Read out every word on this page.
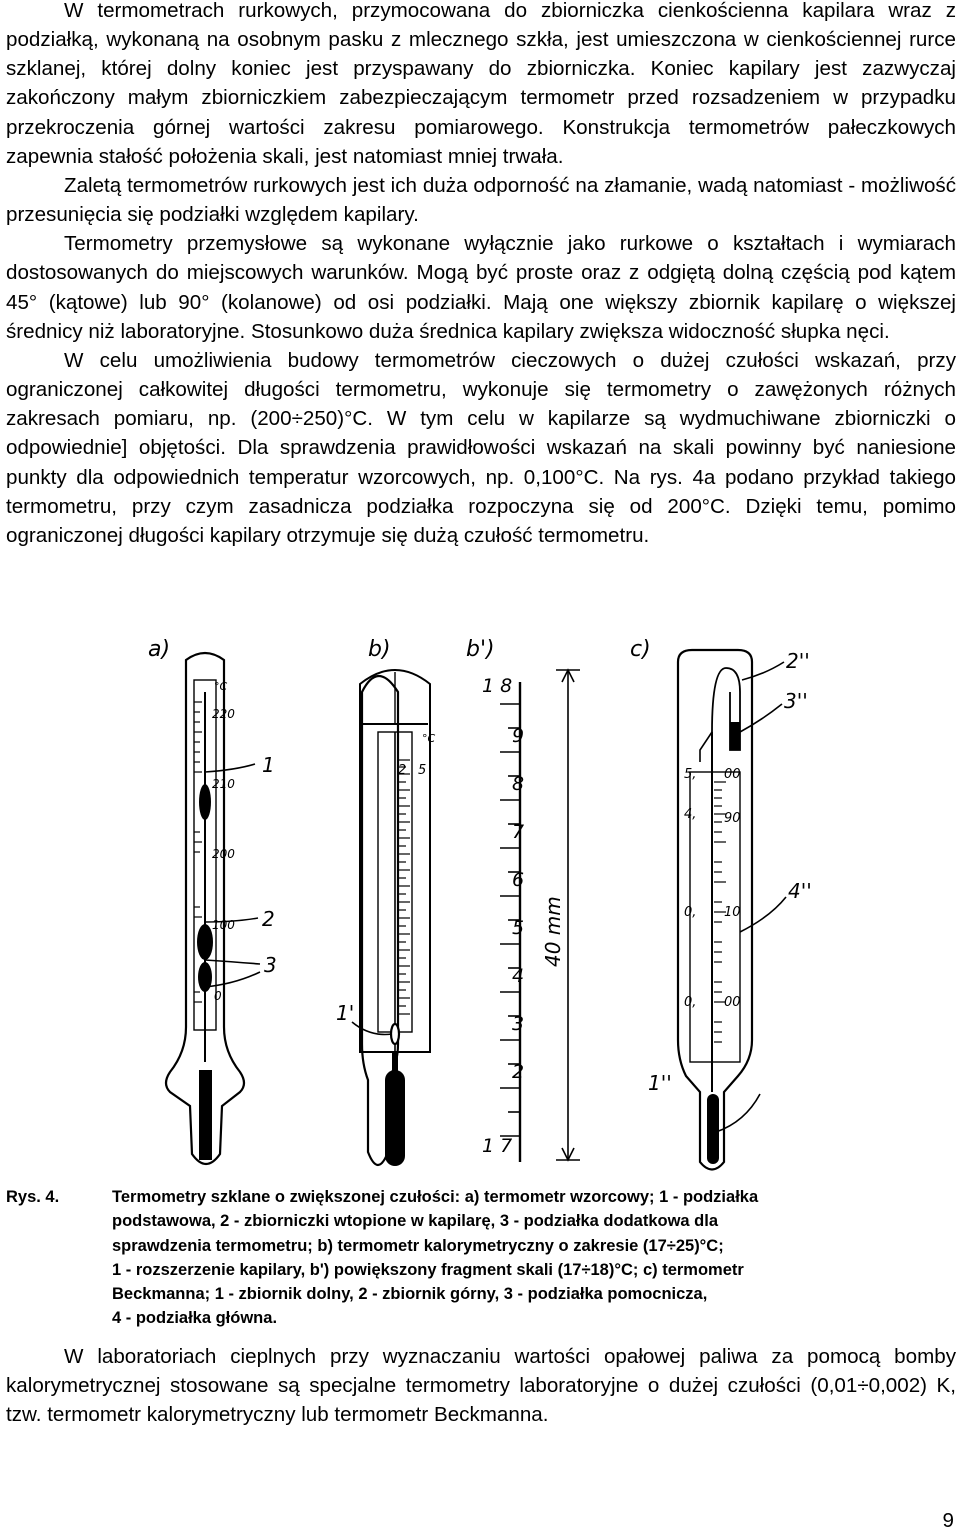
W termometrach rurkowych, przymocowana do zbiorniczka cienkościenna kapilara wraz z podziałką, wykonaną na osobnym pasku z mlecznego szkła, jest umieszczona w cienkościennej rurce szklanej, której dolny koniec jest przyspawany do zbiorniczka. Koniec kapilary jest zazwyczaj zakończony małym zbiorniczkiem zabezpieczającym termometr przed rozsadzeniem w przypadku przekroczenia górnej wartości zakresu pomiarowego. Konstrukcja termometrów pałeczkowych zapewnia stałość położenia skali, jest natomiast mniej trwała.

Zaletą termometrów rurkowych jest ich duża odporność na złamanie, wadą natomiast - możliwość przesunięcia się podziałki względem kapilary.

Termometry przemysłowe są wykonane wyłącznie jako rurkowe o kształtach i wymiarach dostosowanych do miejscowych warunków. Mogą być proste oraz z odgiętą dolną częścią pod kątem 45° (kątowe) lub 90° (kolanowe) od osi podziałki. Mają one większy zbiornik kapilarę o większej średnicy niż laboratoryjne. Stosunkowo duża średnica kapilary zwiększa widoczność słupka nęci.

W celu umożliwienia budowy termometrów cieczowych o dużej czułości wskazań, przy ograniczonej całkowitej długości termometru, wykonuje się termometry o zawężonych różnych zakresach pomiaru, np. (200÷250)°C. W tym celu w kapilarze są wydmuchiwane zbiorniczki o odpowiednie] objętości. Dla sprawdzenia prawidłowości wskazań na skali powinny być naniesione punkty dla odpowiednich temperatur wzorcowych, np. 0,100°C. Na rys. 4a podano przykład takiego termometru, przy czym zasadnicza podziałka rozpoczyna się od 200°C. Dzięki temu, pomimo ograniczonej długości kapilary otrzymuje się dużą czułość termometru.

a)	b)	b')	c)
°C
220
210
200
100
0
1
2
3
°C
2 5
1'
1 8
9
8
7
6
5
4
3
2
1 7
40 mm
5,
4,
0,
0,
00
90
10
00
2''
3''
4''
1''
Rys. 4.	Termometry szklane o zwiększonej czułości: a) termometr wzorcowy; 1 - podziałka
podstawowa, 2 - zbiorniczki wtopione w kapilarę, 3 - podziałka dodatkowa dla
sprawdzenia termometru; b) termometr kalorymetryczny o zakresie (17÷25)°C;
1 - rozszerzenie kapilary, b') powiększony fragment skali (17÷18)°C; c) termometr
Beckmanna; 1 - zbiornik dolny, 2 - zbiornik górny, 3 - podziałka pomocnicza,
4 - podziałka główna.

W laboratoriach cieplnych przy wyznaczaniu wartości opałowej paliwa za pomocą bomby kalorymetrycznej stosowane są specjalne termometry laboratoryjne o dużej czułości (0,01÷0,002) K, tzw. termometr kalorymetryczny lub termometr Beckmanna.

9
